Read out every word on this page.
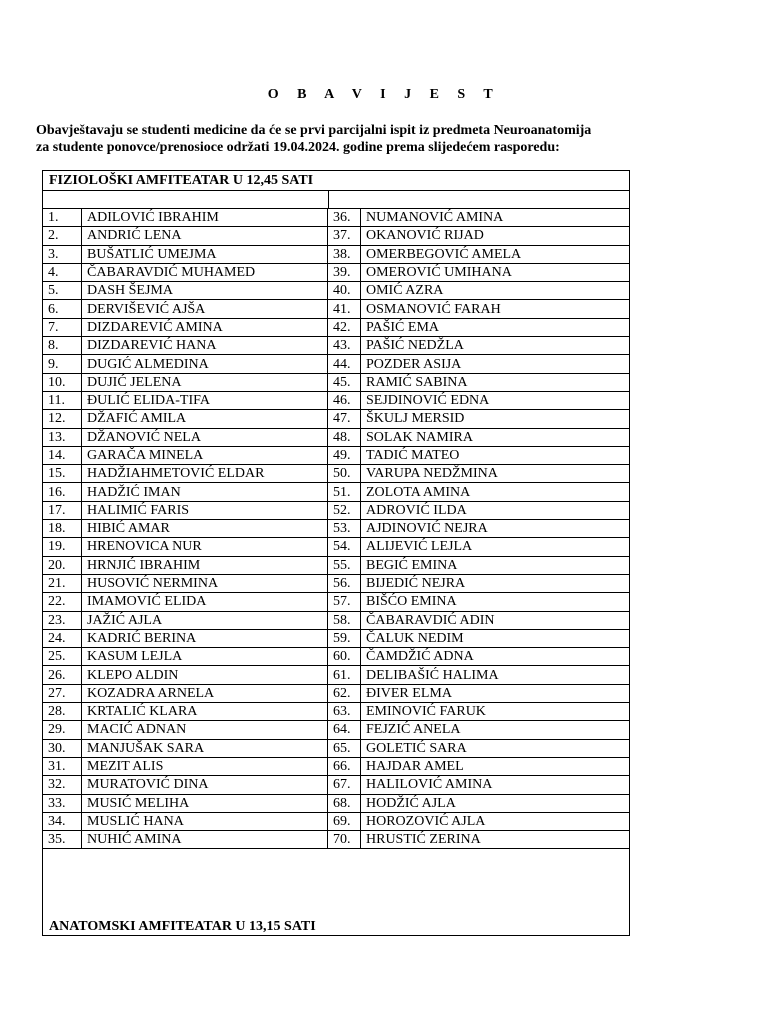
O B A V I J E S T
Obavještavaju se studenti medicine da će se prvi parcijalni ispit iz predmeta Neuroanatomija
za studente ponovce/prenosioce održati 19.04.2024. godine prema slijedećem rasporedu:
FIZIOLOŠKI AMFITEATAR U 12,45 SATI
1.	ADILOVIĆ IBRAHIM	36.	NUMANOVIĆ AMINA
2.	ANDRIĆ LENA	37.	OKANOVIĆ RIJAD
3.	BUŠATLIĆ UMEJMA	38.	OMERBEGOVIĆ AMELA
4.	ČABARAVDIĆ MUHAMED	39.	OMEROVIĆ UMIHANA
5.	DASH ŠEJMA	40.	OMIĆ AZRA
6.	DERVIŠEVIĆ AJŠA	41.	OSMANOVIĆ FARAH
7.	DIZDAREVIĆ AMINA	42.	PAŠIĆ EMA
8.	DIZDAREVIĆ HANA	43.	PAŠIĆ NEDŽLA
9.	DUGIĆ ALMEDINA	44.	POZDER ASIJA
10.	DUJIĆ JELENA	45.	RAMIĆ SABINA
11.	ĐULIĆ ELIDA-TIFA	46.	SEJDINOVIĆ EDNA
12.	DŽAFIĆ AMILA	47.	ŠKULJ MERSID
13.	DŽANOVIĆ NELA	48.	SOLAK NAMIRA
14.	GARAČA MINELA	49.	TADIĆ MATEO
15.	HADŽIAHMETOVIĆ ELDAR	50.	VARUPA NEDŽMINA
16.	HADŽIĆ IMAN	51.	ZOLOTA AMINA
17.	HALIMIĆ FARIS	52.	ADROVIĆ ILDA
18.	HIBIĆ AMAR	53.	AJDINOVIĆ NEJRA
19.	HRENOVICA NUR	54.	ALIJEVIĆ LEJLA
20.	HRNJIĆ IBRAHIM	55.	BEGIĆ EMINA
21.	HUSOVIĆ NERMINA	56.	BIJEDIĆ NEJRA
22.	IMAMOVIĆ ELIDA	57.	BIŠĆO EMINA
23.	JAŽIĆ AJLA	58.	ČABARAVDIĆ ADIN
24.	KADRIĆ BERINA	59.	ČALUK NEDIM
25.	KASUM LEJLA	60.	ČAMDŽIĆ ADNA
26.	KLEPO ALDIN	61.	DELIBAŠIĆ HALIMA
27.	KOZADRA ARNELA	62.	ĐIVER ELMA
28.	KRTALIĆ KLARA	63.	EMINOVIĆ FARUK
29.	MACIĆ ADNAN	64.	FEJZIĆ ANELA
30.	MANJUŠAK SARA	65.	GOLETIĆ SARA
31.	MEZIT ALIS	66.	HAJDAR AMEL
32.	MURATOVIĆ DINA	67.	HALILOVIĆ AMINA
33.	MUSIĆ MELIHA	68.	HODŽIĆ AJLA
34.	MUSLIĆ HANA	69.	HOROZOVIĆ AJLA
35.	NUHIĆ AMINA	70.	HRUSTIĆ ZERINA
ANATOMSKI AMFITEATAR U 13,15 SATI
